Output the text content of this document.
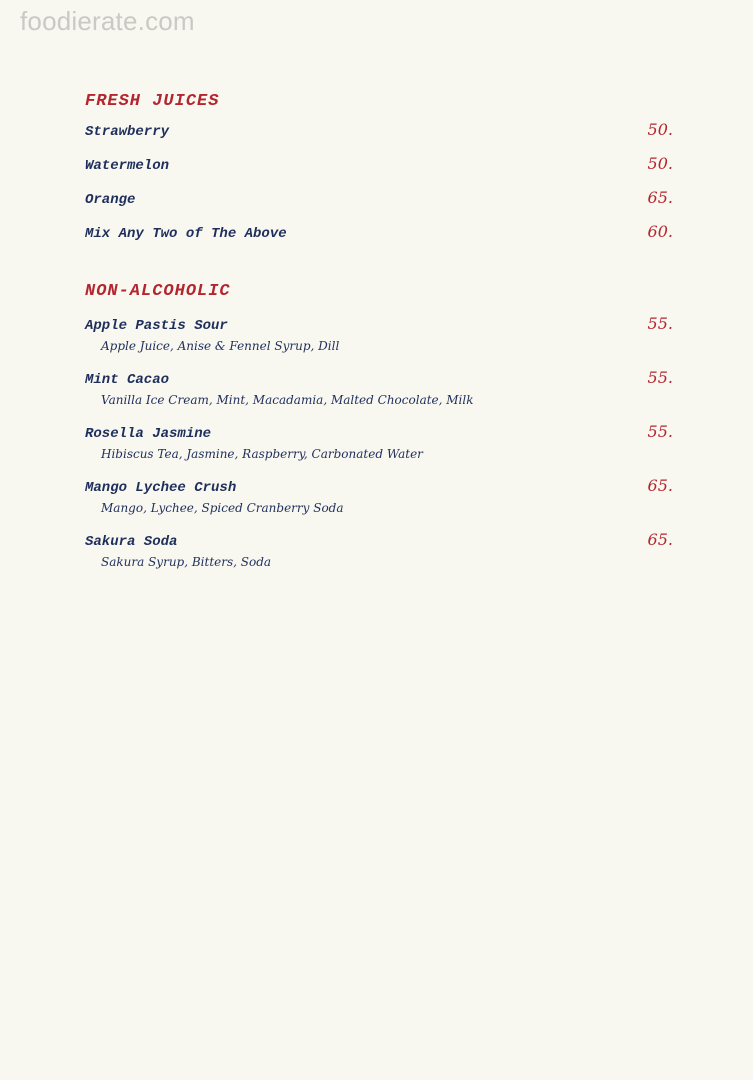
foodierate.com
FRESH JUICES
Strawberry	50.
Watermelon	50.
Orange	65.
Mix Any Two of The Above	60.
NON-ALCOHOLIC
Apple Pastis Sour	55.
Apple Juice, Anise & Fennel Syrup, Dill
Mint Cacao	55.
Vanilla Ice Cream, Mint, Macadamia, Malted Chocolate, Milk
Rosella Jasmine	55.
Hibiscus Tea, Jasmine, Raspberry, Carbonated Water
Mango Lychee Crush	65.
Mango, Lychee, Spiced Cranberry Soda
Sakura Soda	65.
Sakura Syrup, Bitters, Soda
